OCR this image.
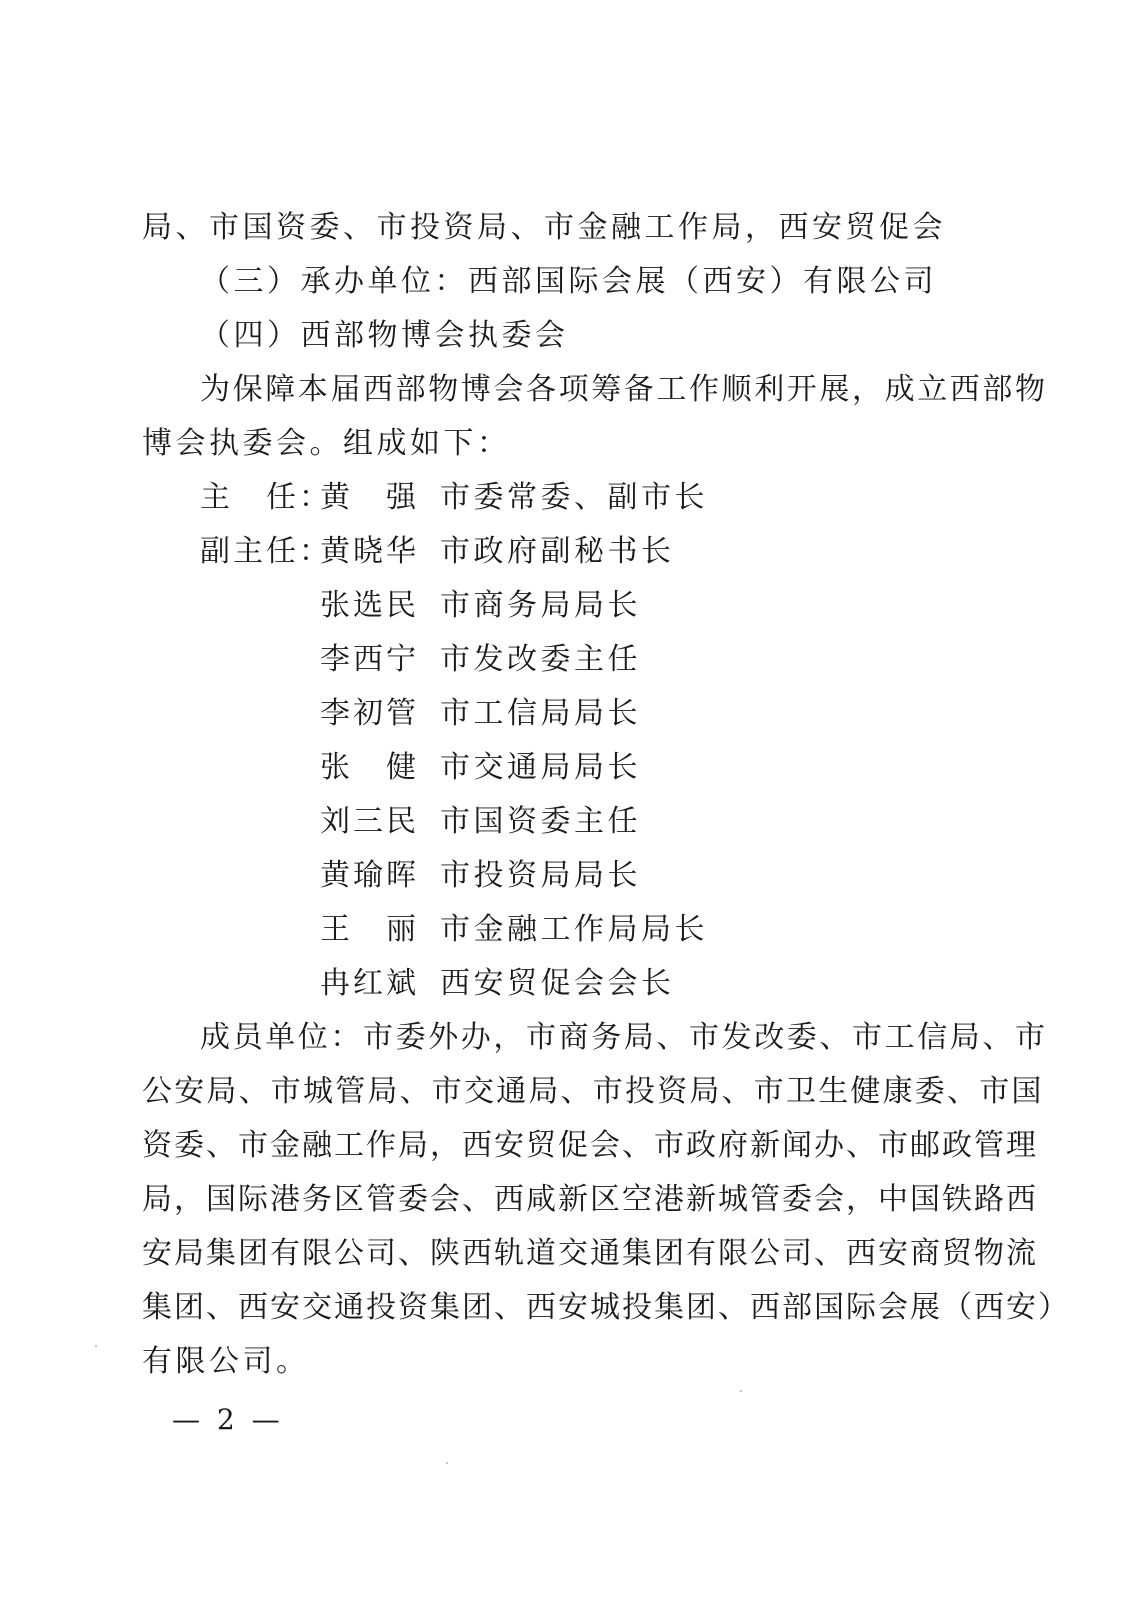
局、市国资委、市投资局、市金融工作局，西安贸促会
（三）承办单位：西部国际会展（西安）有限公司
（四）西部物博会执委会
为保障本届西部物博会各项筹备工作顺利开展，成立西部物
博会执委会。组成如下：
主　任：
黄　强 市委常委、副市长
副主任：
黄晓华 市政府副秘书长
张选民 市商务局局长
李西宁 市发改委主任
李初管 市工信局局长
张　健 市交通局局长
刘三民 市国资委主任
黄瑜晖 市投资局局长
王　丽 市金融工作局局长
冉红斌 西安贸促会会长
成员单位：市委外办，市商务局、市发改委、市工信局、市
公安局、市城管局、市交通局、市投资局、市卫生健康委、市国
资委、市金融工作局，西安贸促会、市政府新闻办、市邮政管理
局，国际港务区管委会、西咸新区空港新城管委会，中国铁路西
安局集团有限公司、陕西轨道交通集团有限公司、西安商贸物流
集团、西安交通投资集团、西安城投集团、西部国际会展（西安）
有限公司。
— 2 —
